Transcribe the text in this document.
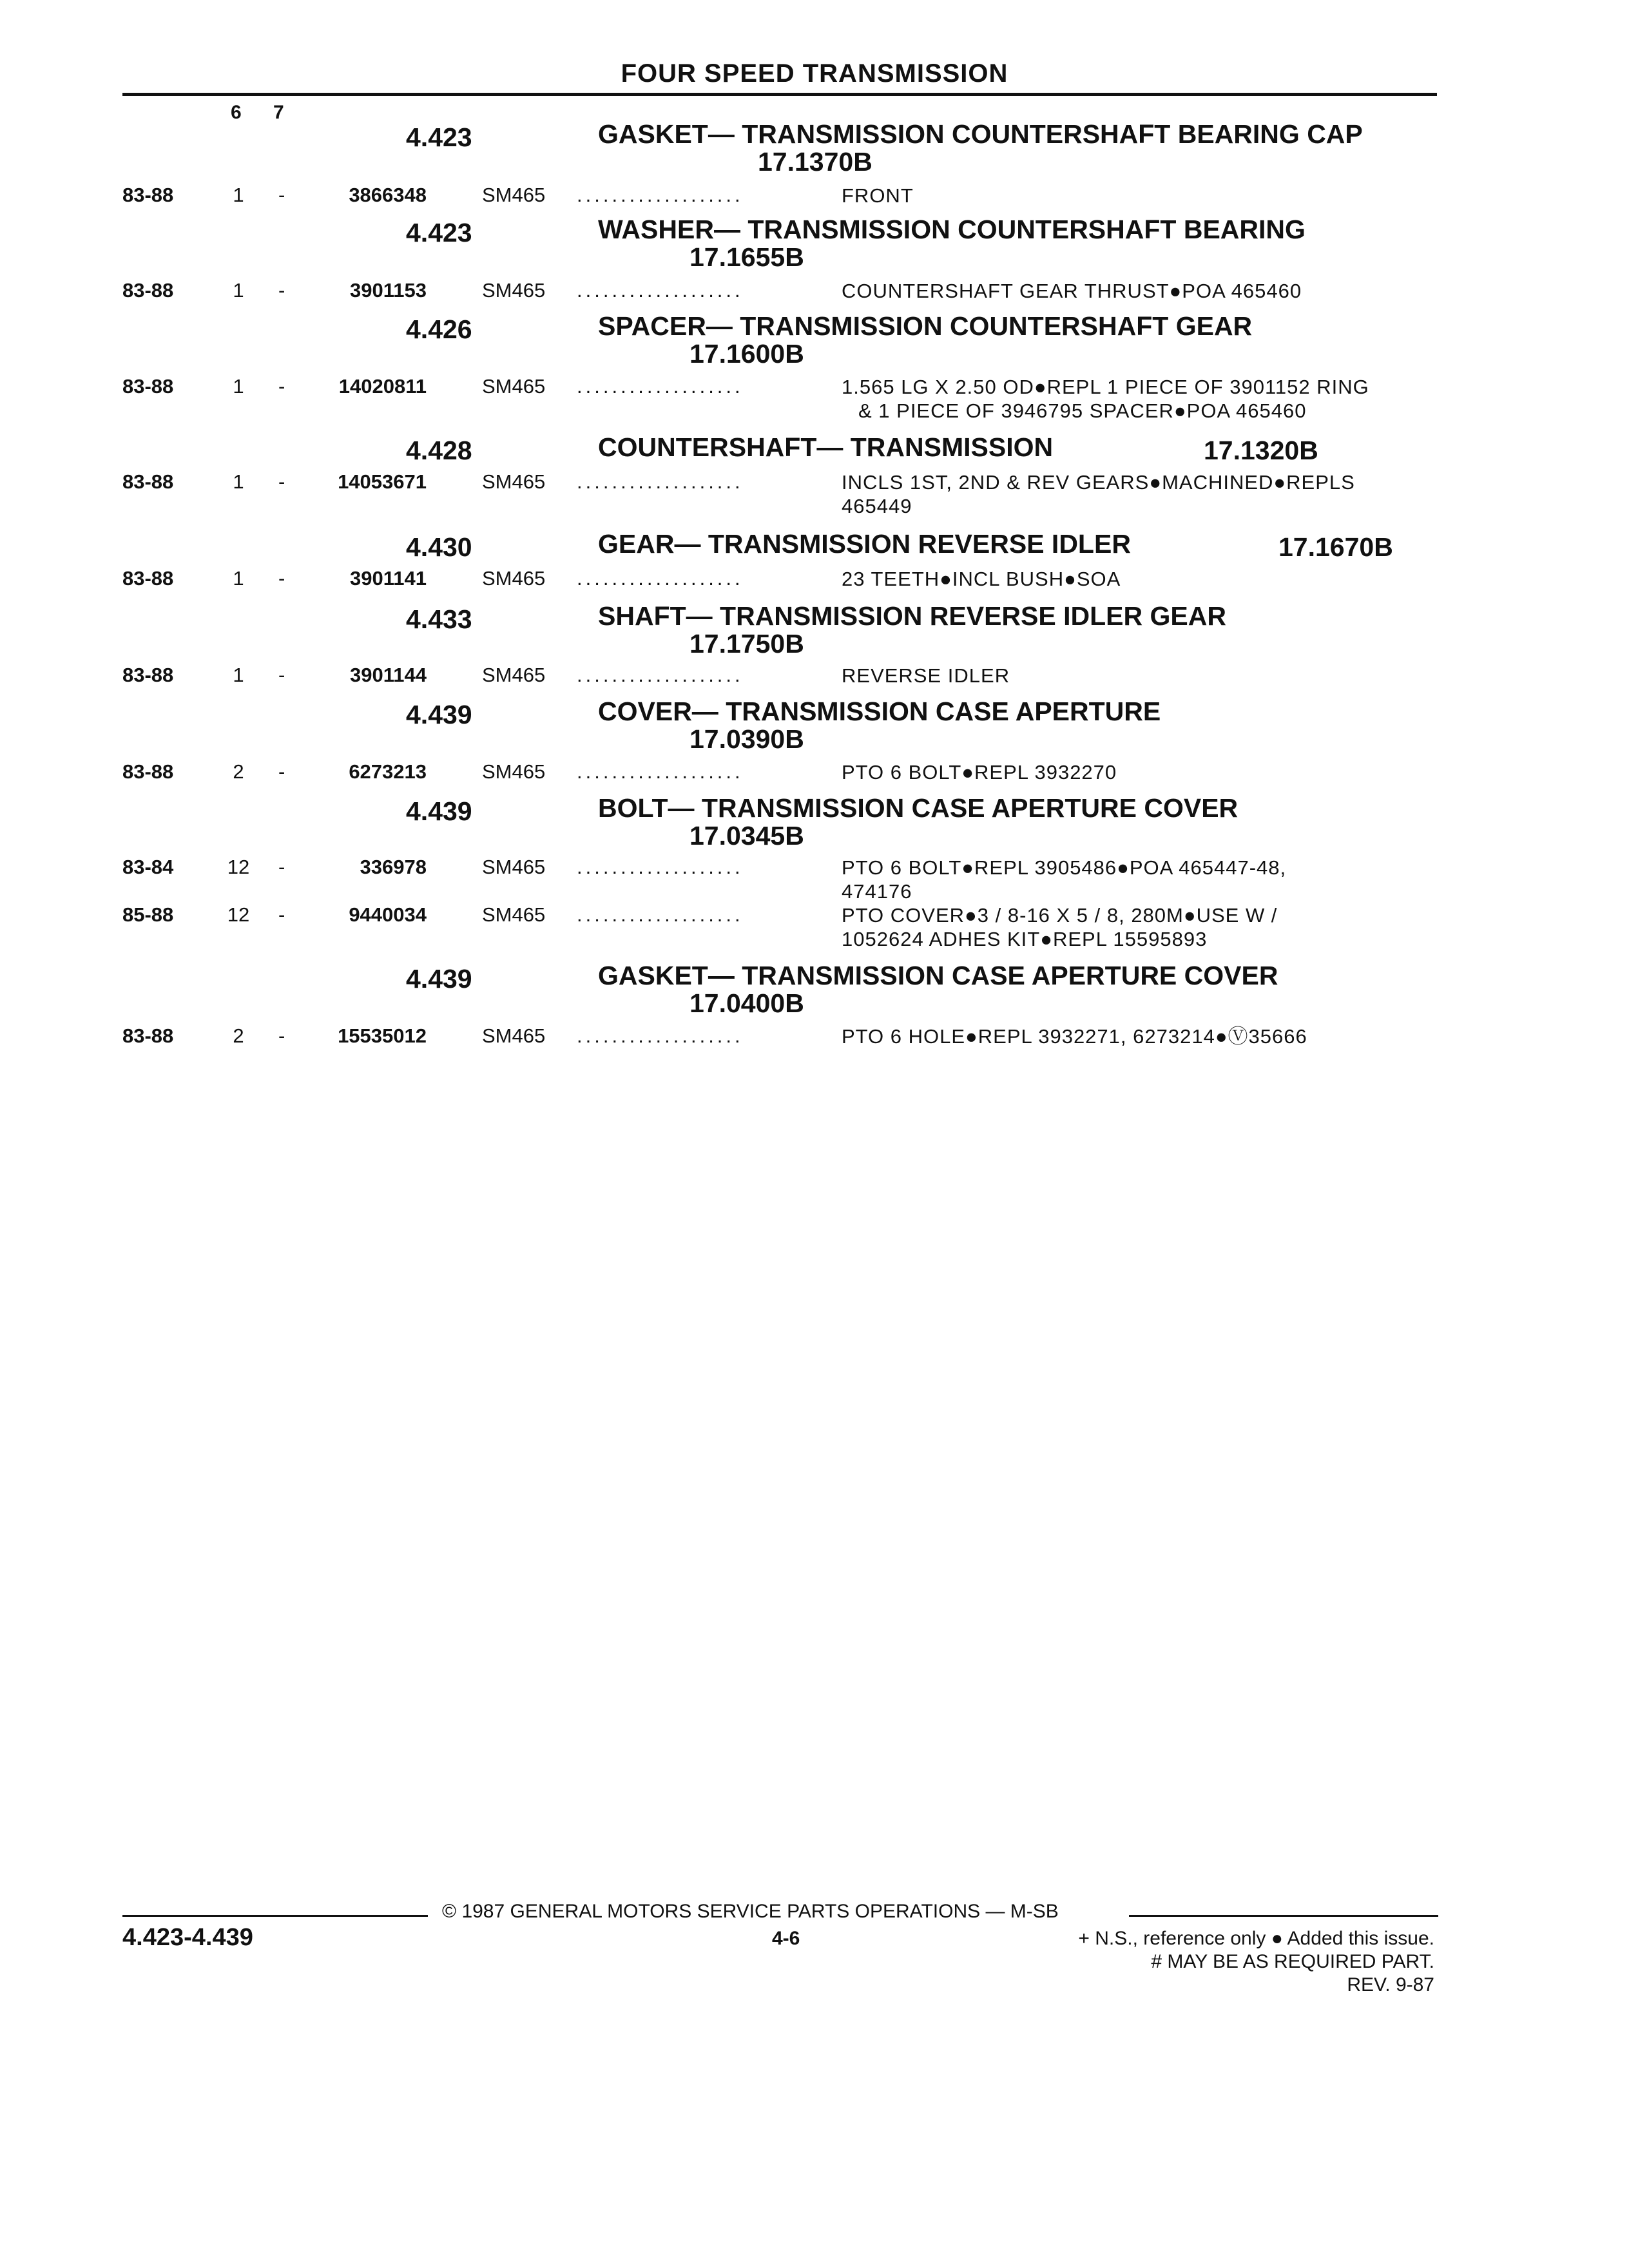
FOUR SPEED TRANSMISSION
6 7
4.423	GASKET— TRANSMISSION COUNTERSHAFT BEARING CAP
17.1370B
83-88	1	-	3866348	SM465 ...................	FRONT
4.423	WASHER— TRANSMISSION COUNTERSHAFT BEARING
17.1655B
83-88	1	-	3901153	SM465 ...................	COUNTERSHAFT GEAR THRUST●POA 465460
4.426	SPACER— TRANSMISSION COUNTERSHAFT GEAR
17.1600B
83-88	1	-	14020811	SM465 ...................	1.565 LG X 2.50 OD●REPL 1 PIECE OF 3901152 RING
& 1 PIECE OF 3946795 SPACER●POA 465460
4.428	COUNTERSHAFT— TRANSMISSION	17.1320B
83-88	1	-	14053671	SM465 ...................	INCLS 1ST, 2ND & REV GEARS●MACHINED●REPLS
465449
4.430	GEAR— TRANSMISSION REVERSE IDLER	17.1670B
83-88	1	-	3901141	SM465 ...................	23 TEETH●INCL BUSH●SOA
4.433	SHAFT— TRANSMISSION REVERSE IDLER GEAR
17.1750B
83-88	1	-	3901144	SM465 ...................	REVERSE IDLER
4.439	COVER— TRANSMISSION CASE APERTURE
17.0390B
83-88	2	-	6273213	SM465 ...................	PTO 6 BOLT●REPL 3932270
4.439	BOLT— TRANSMISSION CASE APERTURE COVER
17.0345B
83-84	12 -	336978	SM465 ...................	PTO 6 BOLT●REPL 3905486●POA 465447-48,
474176
85-88	12 -	9440034	SM465 ...................	PTO COVER●3 / 8-16 X 5 / 8, 280M●USE W /
1052624 ADHES KIT●REPL 15595893
4.439	GASKET— TRANSMISSION CASE APERTURE COVER
17.0400B
83-88	2	-	15535012	SM465 ...................	PTO 6 HOLE●REPL 3932271, 6273214●Ⓥ35666
© 1987 GENERAL MOTORS SERVICE PARTS OPERATIONS — M-SB
4.423-4.439	4-6	+ N.S., reference only ● Added this issue.
# MAY BE AS REQUIRED PART.
REV. 9-87
